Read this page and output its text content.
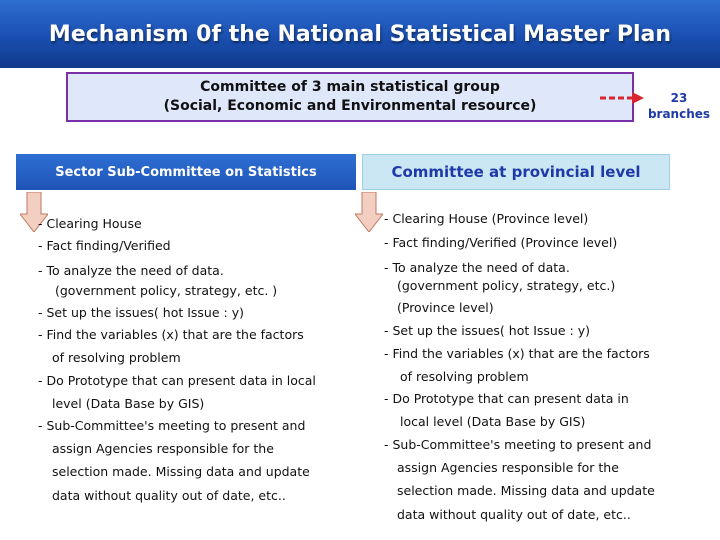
Mechanism 0f the National Statistical Master Plan
Committee of 3 main statistical group
(Social, Economic and Environmental resource)	23
branches
Sector Sub-Committee on Statistics	Committee at provincial level
- Clearing House
- Fact finding/Verified
- To analyze the need of data.
(government policy, strategy, etc. )
- Set up the issues( hot Issue : y)
- Find the variables (x) that are the factors
of resolving problem
- Do Prototype that can present data in local
level (Data Base by GIS)
- Sub-Committee's meeting to present and
assign Agencies responsible for the
selection made. Missing data and update
data without quality out of date, etc..
- Clearing House (Province level)
- Fact finding/Verified (Province level)
- To analyze the need of data.
(government policy, strategy, etc.)
(Province level)
- Set up the issues( hot Issue : y)
- Find the variables (x) that are the factors
of resolving problem
- Do Prototype that can present data in
local level (Data Base by GIS)
- Sub-Committee's meeting to present and
assign Agencies responsible for the
selection made. Missing data and update
data without quality out of date, etc..
